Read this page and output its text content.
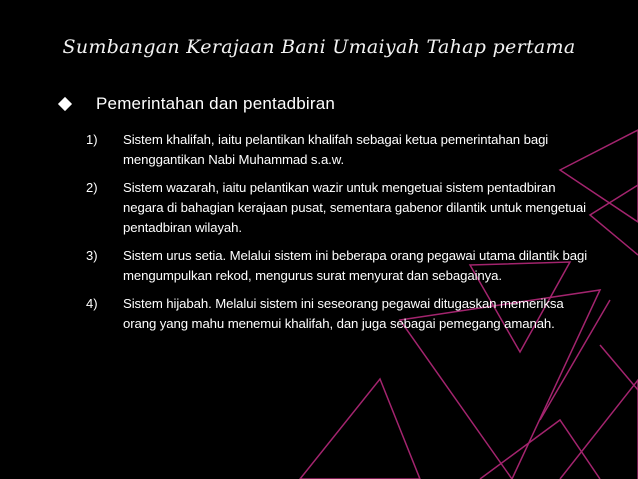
Sumbangan Kerajaan Bani Umaiyah Tahap pertama
Pemerintahan dan pentadbiran
1)	Sistem khalifah, iaitu pelantikan khalifah sebagai ketua pemerintahan bagi menggantikan Nabi Muhammad s.a.w.
2)	Sistem wazarah, iaitu pelantikan wazir untuk mengetuai sistem pentadbiran negara di bahagian kerajaan pusat, sementara gabenor dilantik untuk mengetuai pentadbiran wilayah.
3)	Sistem urus setia. Melalui sistem ini beberapa orang pegawai utama dilantik bagi mengumpulkan rekod, mengurus surat menyurat dan sebagainya.
4)	Sistem hijabah. Melalui sistem ini seseorang pegawai ditugaskan memeriksa orang yang mahu menemui khalifah, dan juga sebagai pemegang amanah.
